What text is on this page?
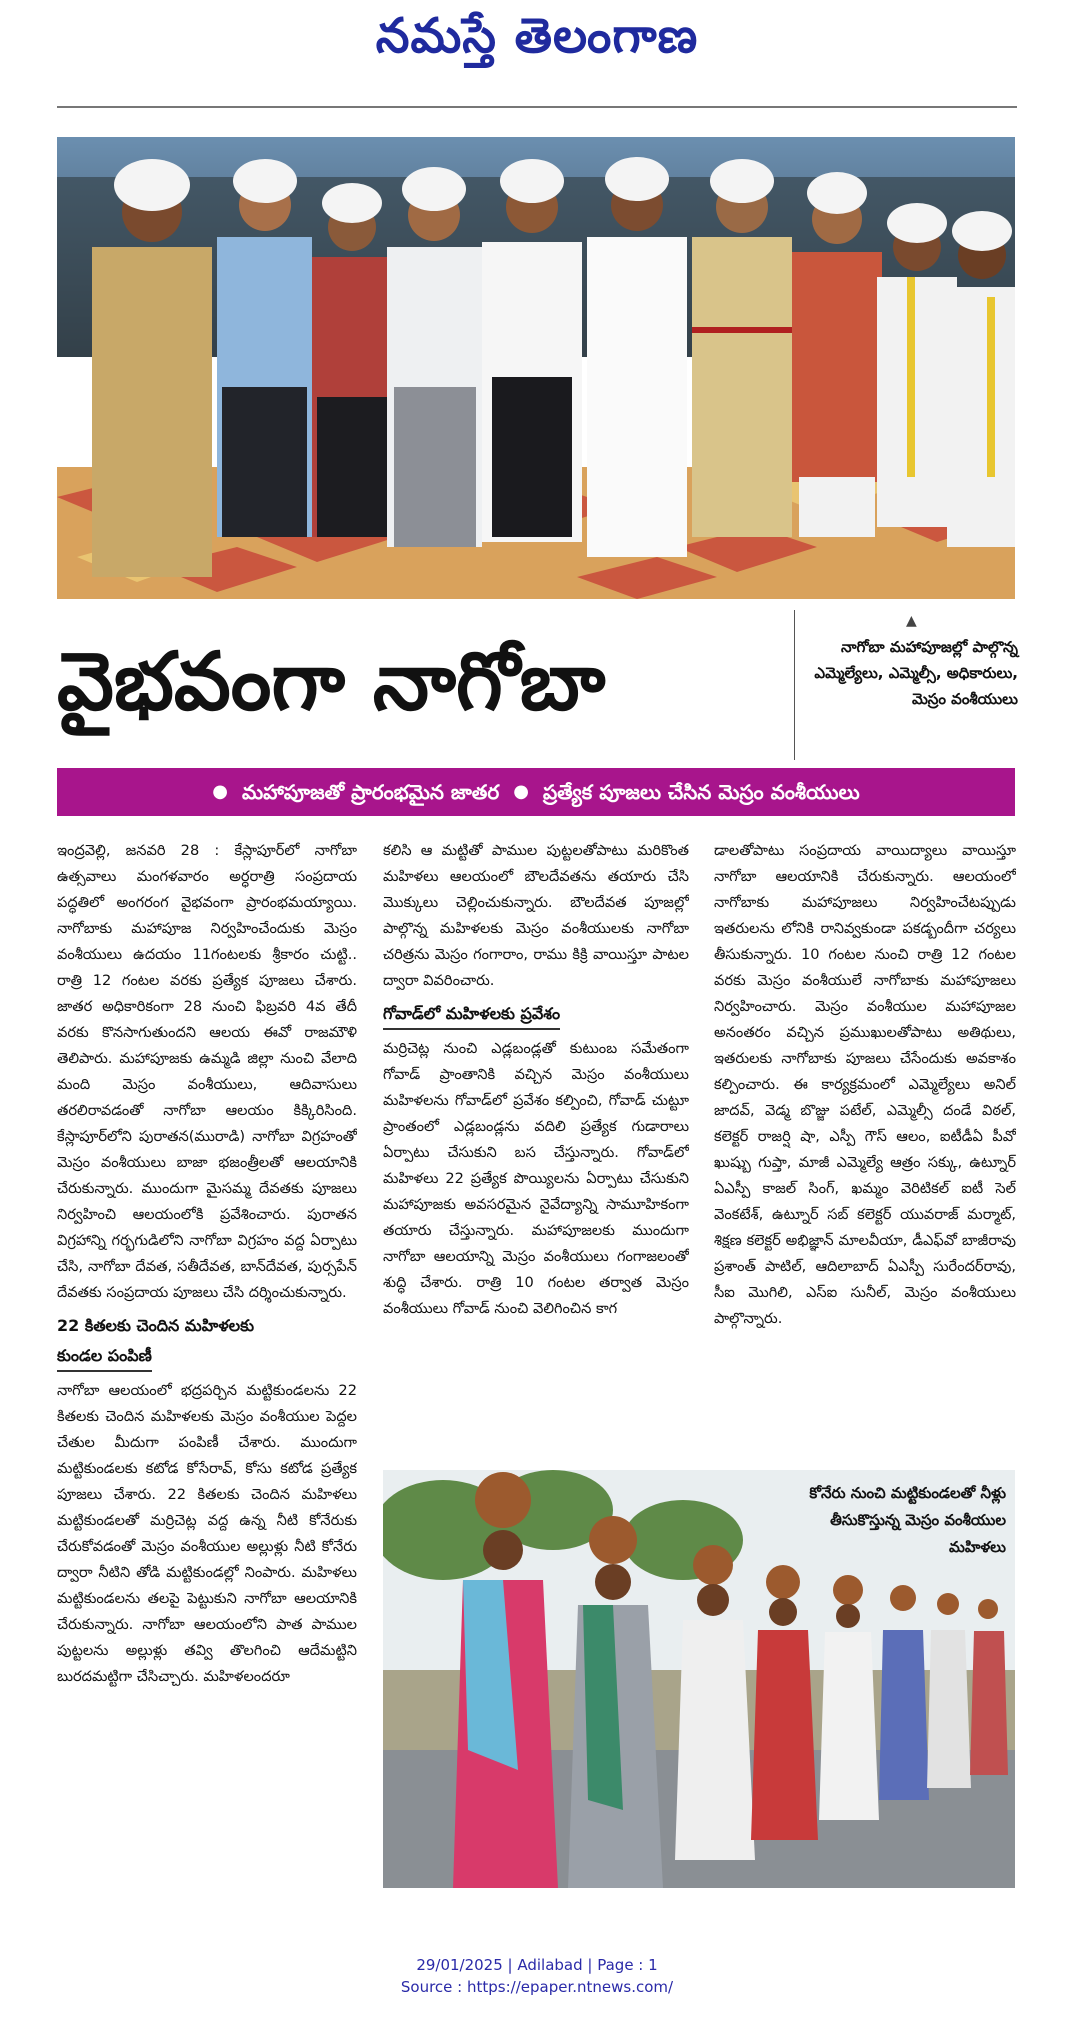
నమస్తే తెలంగాణ
వైభవంగా నాగోబా
▲
నాగోబా మహాపూజల్లో పాల్గొన్న ఎమ్మెల్యేలు, ఎమ్మెల్సీ, అధికారులు, మెస్రం వంశీయులు
● మహాపూజతో ప్రారంభమైన జాతర ● ప్రత్యేక పూజలు చేసిన మెస్రం వంశీయులు

ఇంద్రవెల్లి, జనవరి 28 : కేస్లాపూర్‌లో నాగోబా ఉత్సవాలు మంగళవారం అర్ధరాత్రి సంప్రదాయ పద్ధతిలో అంగరంగ వైభవంగా ప్రారంభమయ్యాయి. నాగోబాకు మహాపూజ నిర్వహించేందుకు మెస్రం వంశీయులు ఉదయం 11గంటలకు శ్రీకారం చుట్టి.. రాత్రి 12 గంటల వరకు ప్రత్యేక పూజలు చేశారు. జాతర అధికారికంగా 28 నుంచి ఫిబ్రవరి 4వ తేదీ వరకు కొనసాగుతుందని ఆలయ ఈవో రాజమౌళి తెలిపారు. మహాపూజకు ఉమ్మడి జిల్లా నుంచి వేలాది మంది మెస్రం వంశీయులు, ఆదివాసులు తరలిరావడంతో నాగోబా ఆలయం కిక్కిరిసింది. కేస్లాపూర్‌లోని పురాతన(మురాడి) నాగోబా విగ్రహంతో మెస్రం వంశీయులు బాజా భజంత్రీలతో ఆలయానికి చేరుకున్నారు. ముందుగా మైసమ్మ దేవతకు పూజలు నిర్వహించి ఆలయంలోకి ప్రవేశించారు. పురాతన విగ్రహాన్ని గర్భగుడిలోని నాగోబా విగ్రహం వద్ద ఏర్పాటు చేసి, నాగోబా దేవత, సతీదేవత, బాన్‌దేవత, పుర్సపేన్ దేవతకు సంప్రదాయ పూజలు చేసి దర్శించుకున్నారు.

22 కితలకు చెందిన మహిళలకు
కుండల పంపిణీ

నాగోబా ఆలయంలో భద్రపర్చిన మట్టికుండలను 22 కితలకు చెందిన మహిళలకు మెస్రం వంశీయుల పెద్దల చేతుల మీదుగా పంపిణీ చేశారు. ముందుగా మట్టికుండలకు కటోడ కోసేరావ్, కోసు కటోడ ప్రత్యేక పూజలు చేశారు. 22 కితలకు చెందిన మహిళలు మట్టికుండలతో మర్రిచెట్ల వద్ద ఉన్న నీటి కోనేరుకు చేరుకోవడంతో మెస్రం వంశీయుల అల్లుళ్లు నీటి కోనేరు ద్వారా నీటిని తోడి మట్టికుండల్లో నింపారు. మహిళలు మట్టికుండలను తలపై పెట్టుకుని నాగోబా ఆలయానికి చేరుకున్నారు. నాగోబా ఆలయంలోని పాత పాముల పుట్టలను అల్లుళ్లు తవ్వి తొలగించి ఆదేమట్టిని బురదమట్టిగా చేసిచ్చారు. మహిళలందరూ

కలిసి ఆ మట్టితో పాముల పుట్టలతోపాటు మరికొంత మహిళలు ఆలయంలో బౌలదేవతను తయారు చేసి మొక్కులు చెల్లించుకున్నారు. బౌలదేవత పూజల్లో పాల్గొన్న మహిళలకు మెస్రం వంశీయులకు నాగోబా చరిత్రను మెస్రం గంగారాం, రాము కిక్రి వాయిస్తూ పాటల ద్వారా వివరించారు.

గోవాడ్‌లో మహిళలకు ప్రవేశం

మర్రిచెట్ల నుంచి ఎడ్లబండ్లతో కుటుంబ సమేతంగా గోవాడ్ ప్రాంతానికి వచ్చిన మెస్రం వంశీయులు మహిళలను గోవాడ్‌లో ప్రవేశం కల్పించి, గోవాడ్ చుట్టూ ప్రాంతంలో ఎడ్లబండ్లను వదిలి ప్రత్యేక గుడారాలు ఏర్పాటు చేసుకుని బస చేస్తున్నారు. గోవాడ్‌లో మహిళలు 22 ప్రత్యేక పొయ్యిలను ఏర్పాటు చేసుకుని మహాపూజకు అవసరమైన నైవేద్యాన్ని సామూహికంగా తయారు చేస్తున్నారు. మహాపూజలకు ముందుగా నాగోబా ఆలయాన్ని మెస్రం వంశీయులు గంగాజలంతో శుద్ధి చేశారు. రాత్రి 10 గంటల తర్వాత మెస్రం వంశీయులు గోవాడ్ నుంచి వెలిగించిన కాగ

డాలతోపాటు సంప్రదాయ వాయిద్యాలు వాయిస్తూ నాగోబా ఆలయానికి చేరుకున్నారు. ఆలయంలో నాగోబాకు మహాపూజలు నిర్వహించేటప్పుడు ఇతరులను లోనికి రానివ్వకుండా పకడ్బందీగా చర్యలు తీసుకున్నారు. 10 గంటల నుంచి రాత్రి 12 గంటల వరకు మెస్రం వంశీయులే నాగోబాకు మహాపూజలు నిర్వహించారు. మెస్రం వంశీయుల మహాపూజల అనంతరం వచ్చిన ప్రముఖులతోపాటు అతిథులు, ఇతరులకు నాగోబాకు పూజలు చేసేందుకు అవకాశం కల్పించారు. ఈ కార్యక్రమంలో ఎమ్మెల్యేలు అనిల్ జాదవ్, వెడ్మ బొజ్జు పటేల్, ఎమ్మెల్సీ దండే విఠల్, కలెక్టర్ రాజర్షి షా, ఎస్పీ గౌస్ ఆలం, ఐటీడీఏ పీవో ఖుష్బు గుప్తా, మాజీ ఎమ్మెల్యే ఆత్రం సక్కు, ఉట్నూర్ ఏఎస్పీ కాజల్ సింగ్, ఖమ్మం వెరిటికల్ ఐటీ సెల్ వెంకటేశ్, ఉట్నూర్ సబ్ కలెక్టర్ యువరాజ్ మర్మాట్, శిక్షణ కలెక్టర్ అభిజ్ఞాన్ మాలవీయా, డీఎఫ్‌వో బాజీరావు ప్రశాంత్ పాటిల్, ఆదిలాబాద్ ఏఎస్పీ సురేందర్‌రావు, సీఐ మొగిలి, ఎస్ఐ సునీల్, మెస్రం వంశీయులు పాల్గొన్నారు.

కోనేరు నుంచి మట్టికుండలతో నీళ్లు తీసుకొస్తున్న మెస్రం వంశీయుల మహిళలు
29/01/2025 | Adilabad | Page : 1
Source : https://epaper.ntnews.com/
